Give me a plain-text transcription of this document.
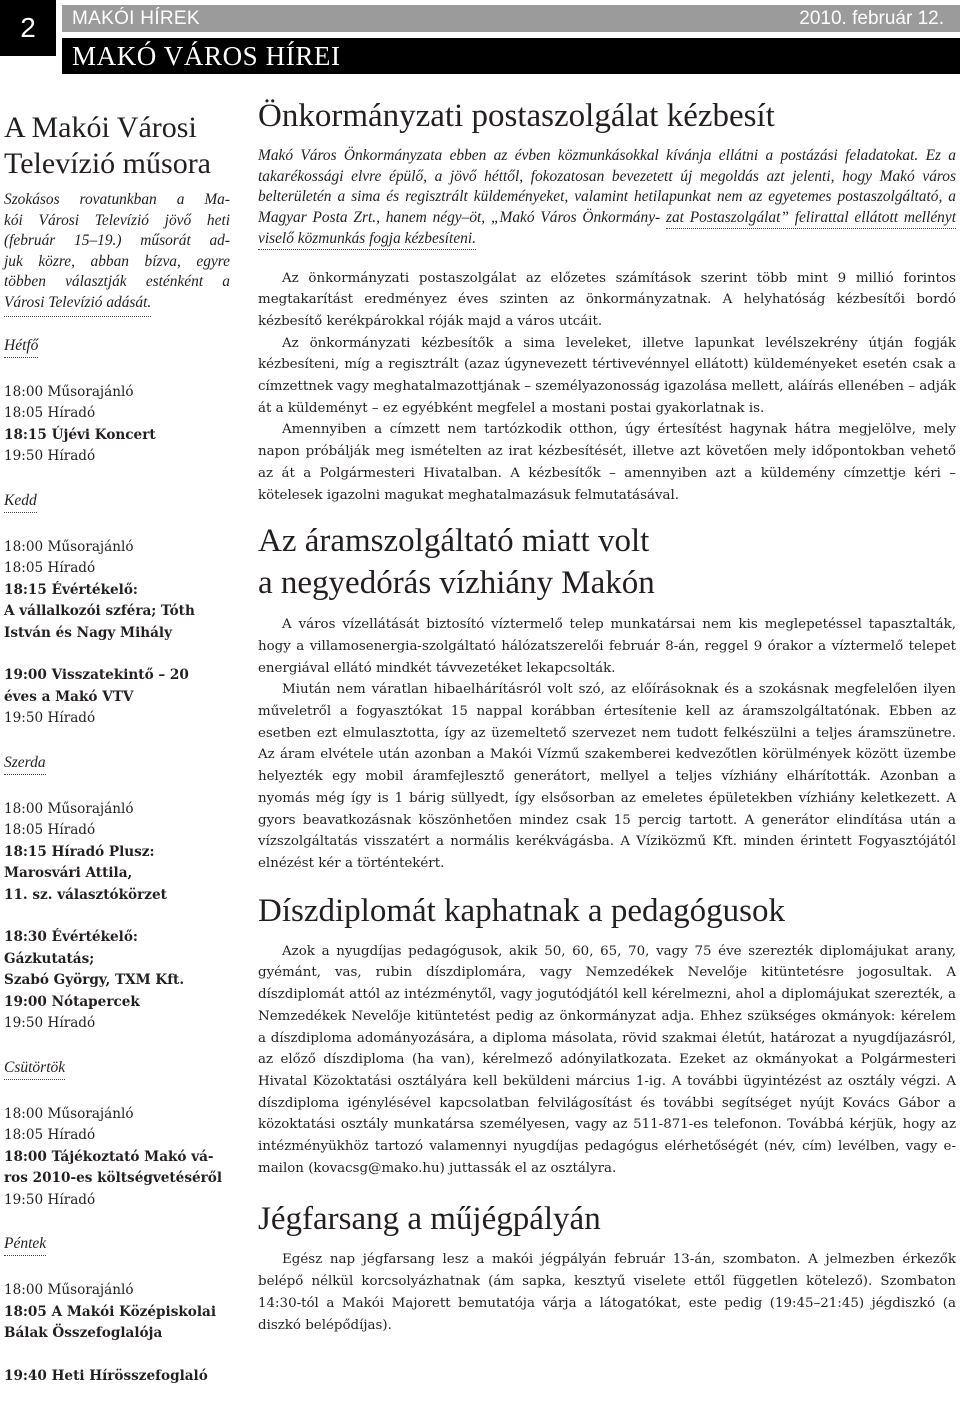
2	MAKÓI HÍREK	2010. február 12.
MAKÓ VÁROS HÍREI
A Makói Városi
Televízió műsora

Szokásos rovatunkban a Ma-
kói Városi Televízió jövő heti
(február 15–19.) műsorát ad-
juk közre, abban bízva, egyre
többen választják esténként a
Városi Televízió adását.

Hétfő

18:00 Műsorajánló

18:05 Híradó

18:15 Újévi Koncert

19:50 Híradó

Kedd

18:00 Műsorajánló

18:05 Híradó

18:15 Évértékelő:

A vállalkozói szféra; Tóth

István és Nagy Mihály

19:00 Visszatekintő – 20

éves a Makó VTV

19:50 Híradó

Szerda

18:00 Műsorajánló

18:05 Híradó

18:15 Híradó Plusz:

Marosvári Attila,

11. sz. választókörzet

18:30 Évértékelő:

Gázkutatás;

Szabó György, TXM Kft.

19:00 Nótapercek

19:50 Híradó

Csütörtök

18:00 Műsorajánló

18:05 Híradó

18:00 Tájékoztató Makó vá-

ros 2010-es költségvetéséről

19:50 Híradó

Péntek

18:00 Műsorajánló

18:05 A Makói Középiskolai

Bálak Összefoglalója

19:40 Heti Hírösszefoglaló

Önkormányzati postaszolgálat kézbesít

Makó Város Önkormányzata ebben az évben közmunkásokkal kívánja ellátni a postázási feladatokat. Ez a takarékossági elvre épülő, a jövő héttől, fokozatosan bevezetett új megoldás azt jelenti, hogy Makó város belterületén a sima és regisztrált küldeményeket, valamint hetilapunkat nem az egyetemes postaszolgáltató, a Magyar Posta Zrt., hanem négy–öt, „Makó Város Önkormány- zat Postaszolgálat” felirattal ellátott mellényt viselő közmunkás fogja kézbesíteni.

Az önkormányzati postaszolgálat az előzetes számítások szerint több mint 9 millió forintos megtakarítást eredményez éves szinten az önkormányzatnak. A helyhatóság kézbesítői bordó kézbesítő kerékpárokkal róják majd a város utcáit.

Az önkormányzati kézbesítők a sima leveleket, illetve lapunkat levélszekrény útján fogják kézbesíteni, míg a regisztrált (azaz úgynevezett tértivevénnyel ellátott) küldeményeket esetén csak a címzettnek vagy meghatalmazottjának – személyazonosság igazolása mellett, aláírás ellenében – adják át a küldeményt – ez egyébként megfelel a mostani postai gyakorlatnak is.

Amennyiben a címzett nem tartózkodik otthon, úgy értesítést hagynak hátra megjelölve, mely napon próbálják meg ismételten az irat kézbesítését, illetve azt követően mely időpontokban vehető az át a Polgármesteri Hivatalban. A kézbesítők – amennyiben azt a küldemény címzettje kéri – kötelesek igazolni magukat meghatalmazásuk felmutatásával.

Az áramszolgáltató miatt volt
a negyedórás vízhiány Makón

A város vízellátását biztosító víztermelő telep munkatársai nem kis meglepetéssel tapasztalták, hogy a villamosenergia-szolgáltató hálózatszerelői február 8-án, reggel 9 órakor a víztermelő telepet energiával ellátó mindkét távvezetéket lekapcsolták.

Miután nem váratlan hibaelhárításról volt szó, az előírásoknak és a szokásnak megfelelően ilyen műveletről a fogyasztókat 15 nappal korábban értesítenie kell az áramszolgáltatónak. Ebben az esetben ezt elmulasztotta, így az üzemeltető szervezet nem tudott felkészülni a teljes áramszünetre. Az áram elvétele után azonban a Makói Vízmű szakemberei kedvezőtlen körülmények között üzembe helyezték egy mobil áramfejlesztő generátort, mellyel a teljes vízhiány elhárították. Azonban a nyomás még így is 1 bárig süllyedt, így elsősorban az emeletes épületekben vízhiány keletkezett. A gyors beavatkozásnak köszönhetően mindez csak 15 percig tartott. A generátor elindítása után a vízszolgáltatás visszatért a normális kerékvágásba. A Víziközmű Kft. minden érintett Fogyasztójától elnézést kér a történtekért.

Díszdiplomát kaphatnak a pedagógusok

Azok a nyugdíjas pedagógusok, akik 50, 60, 65, 70, vagy 75 éve szerezték diplomájukat arany, gyémánt, vas, rubin díszdiplomára, vagy Nemzedékek Nevelője kitüntetésre jogosultak. A díszdiplomát attól az intézménytől, vagy jogutódjától kell kérelmezni, ahol a diplomájukat szerezték, a Nemzedékek Nevelője kitüntetést pedig az önkormányzat adja. Ehhez szükséges okmányok: kérelem a díszdiploma adományozására, a diploma másolata, rövid szakmai életút, határozat a nyugdíjazásról, az előző díszdiploma (ha van), kérelmező adónyilatkozata. Ezeket az okmányokat a Polgármesteri Hivatal Közoktatási osztályára kell beküldeni március 1-ig. A további ügyintézést az osztály végzi. A díszdiploma igénylésével kapcsolatban felvilágosítást és további segítséget nyújt Kovács Gábor a közoktatási osztály munkatársa személyesen, vagy az 511-871-es telefonon. Továbbá kérjük, hogy az intézményükhöz tartozó valamennyi nyugdíjas pedagógus elérhetőségét (név, cím) levélben, vagy e-mailon (kovacsg@mako.hu) juttassák el az osztályra.

Jégfarsang a műjégpályán

Egész nap jégfarsang lesz a makói jégpályán február 13-án, szombaton. A jelmezben érkezők belépő nélkül korcsolyázhatnak (ám sapka, kesztyű viselete ettől független kötelező). Szombaton 14:30-tól a Makói Majorett bemutatója várja a látogatókat, este pedig (19:45–21:45) jégdiszkó (a diszkó belépődíjas).
